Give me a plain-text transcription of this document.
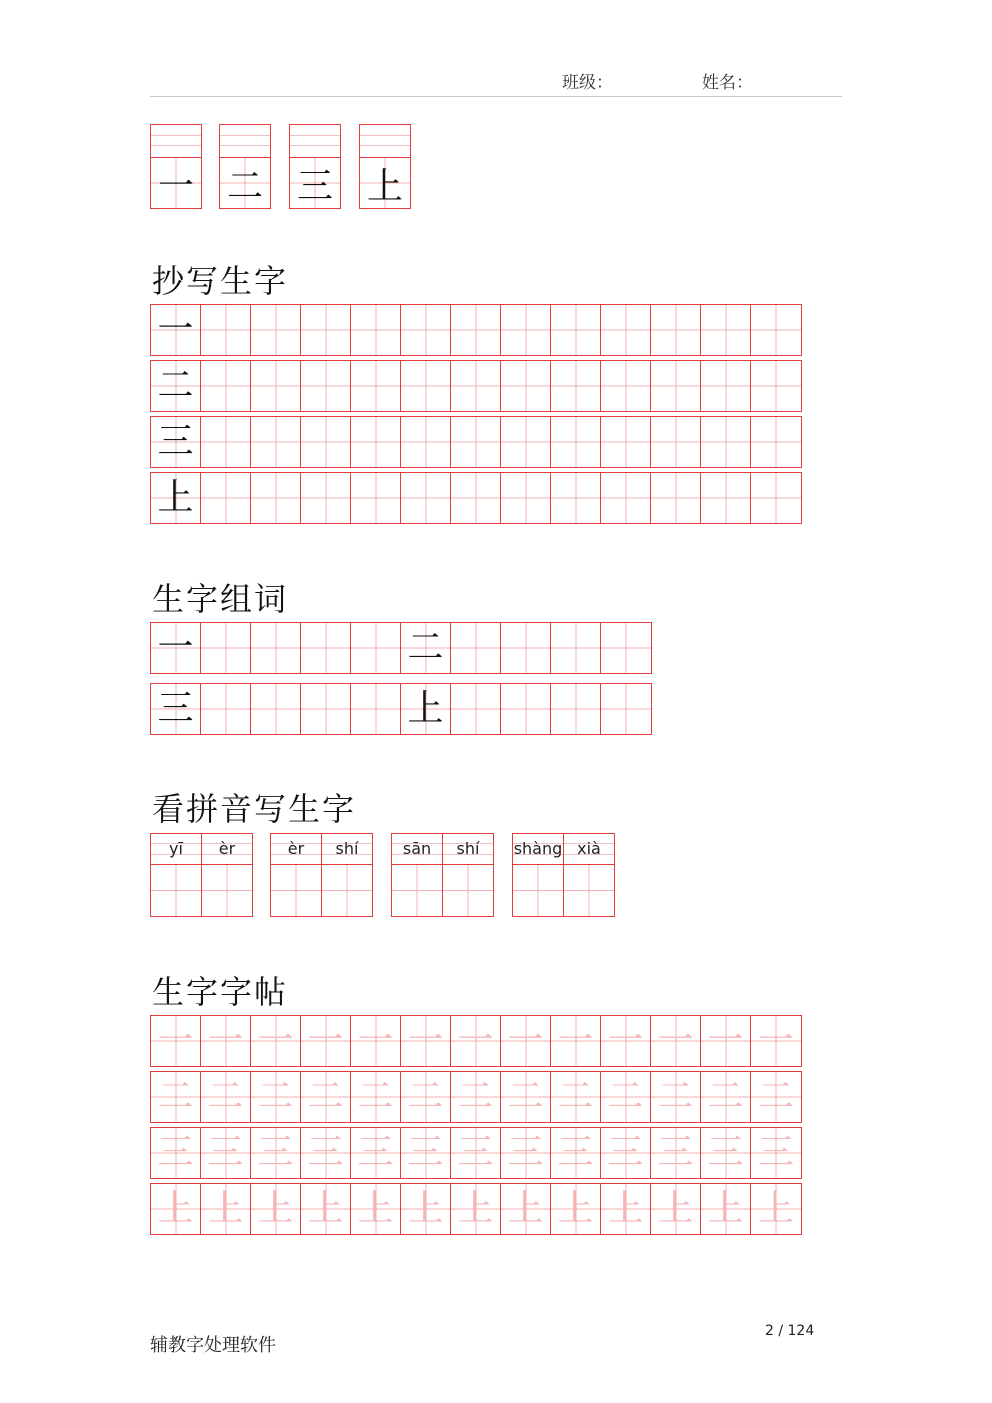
班级：	姓名：
一 二 三 上
抄写生字
一
二
三
上
生字组词
一	二
三	上
看拼音写生字
yī	èr	èr	shí	sān	shí	shàng xià
生字字帖
一 一 一 一 一 一 一 一 一 一 一 一 一
二 二 二 二 二 二 二 二 二 二 二 二 二
三 三 三 三 三 三 三 三 三 三 三 三 三
上 上 上 上 上 上 上 上 上 上 上 上 上
辅教字处理软件
2 / 124
